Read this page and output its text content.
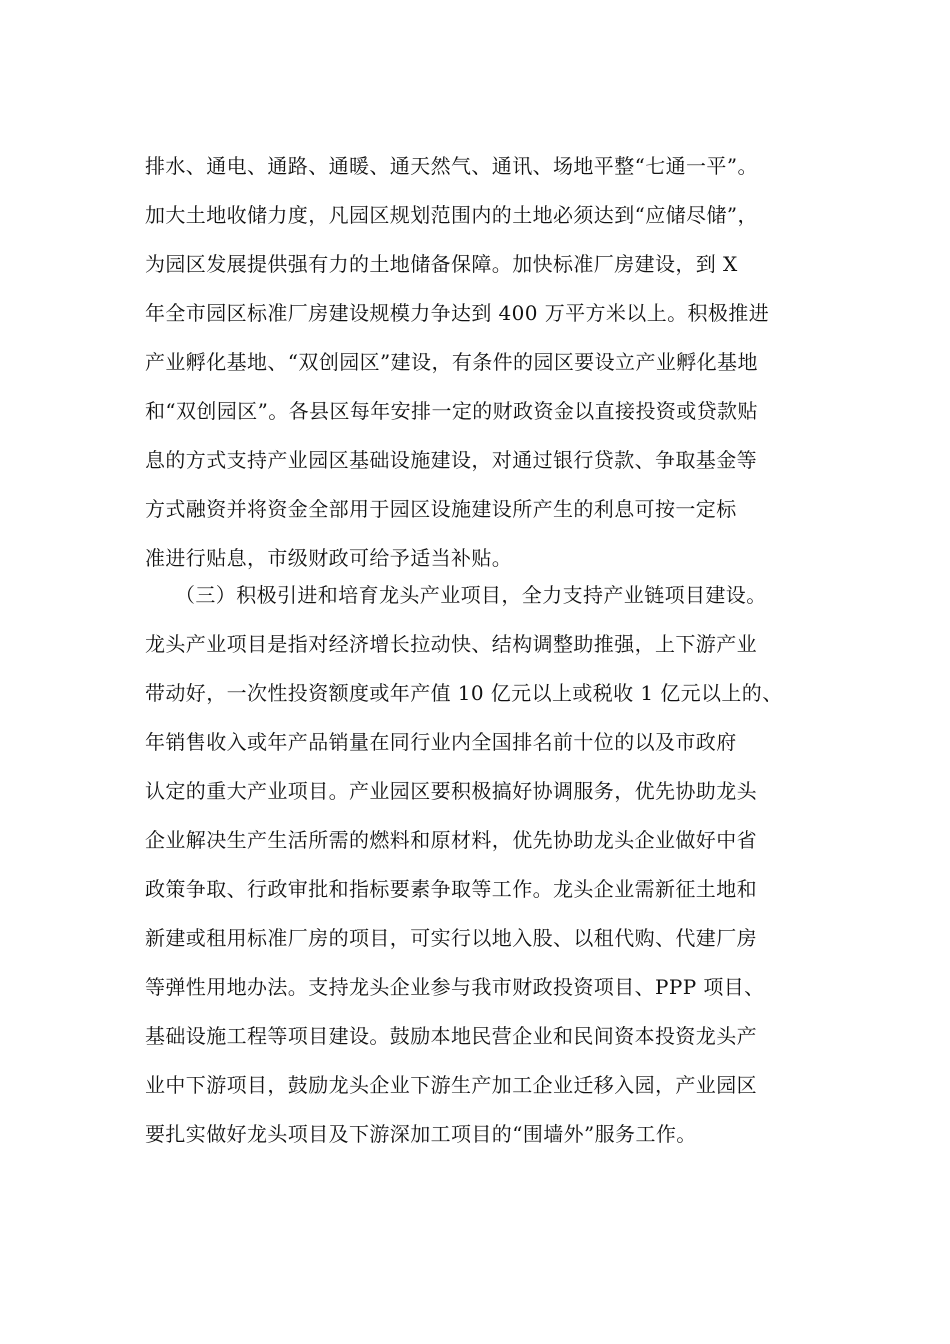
排水、通电、通路、通暖、通天然气、通讯、场地平整“七通一平”。
加大土地收储力度，凡园区规划范围内的土地必须达到“应储尽储”，
为园区发展提供强有力的土地储备保障。加快标准厂房建设，到 X
年全市园区标准厂房建设规模力争达到 400 万平方米以上。积极推进
产业孵化基地、“双创园区”建设，有条件的园区要设立产业孵化基地
和“双创园区”。各县区每年安排一定的财政资金以直接投资或贷款贴
息的方式支持产业园区基础设施建设，对通过银行贷款、争取基金等
方式融资并将资金全部用于园区设施建设所产生的利息可按一定标
准进行贴息，市级财政可给予适当补贴。
（三）积极引进和培育龙头产业项目，全力支持产业链项目建设。
龙头产业项目是指对经济增长拉动快、结构调整助推强，上下游产业
带动好，一次性投资额度或年产值 10 亿元以上或税收 1 亿元以上的、
年销售收入或年产品销量在同行业内全国排名前十位的以及市政府
认定的重大产业项目。产业园区要积极搞好协调服务，优先协助龙头
企业解决生产生活所需的燃料和原材料，优先协助龙头企业做好中省
政策争取、行政审批和指标要素争取等工作。龙头企业需新征土地和
新建或租用标准厂房的项目，可实行以地入股、以租代购、代建厂房
等弹性用地办法。支持龙头企业参与我市财政投资项目、PPP 项目、
基础设施工程等项目建设。鼓励本地民营企业和民间资本投资龙头产
业中下游项目，鼓励龙头企业下游生产加工企业迁移入园，产业园区
要扎实做好龙头项目及下游深加工项目的“围墙外”服务工作。
